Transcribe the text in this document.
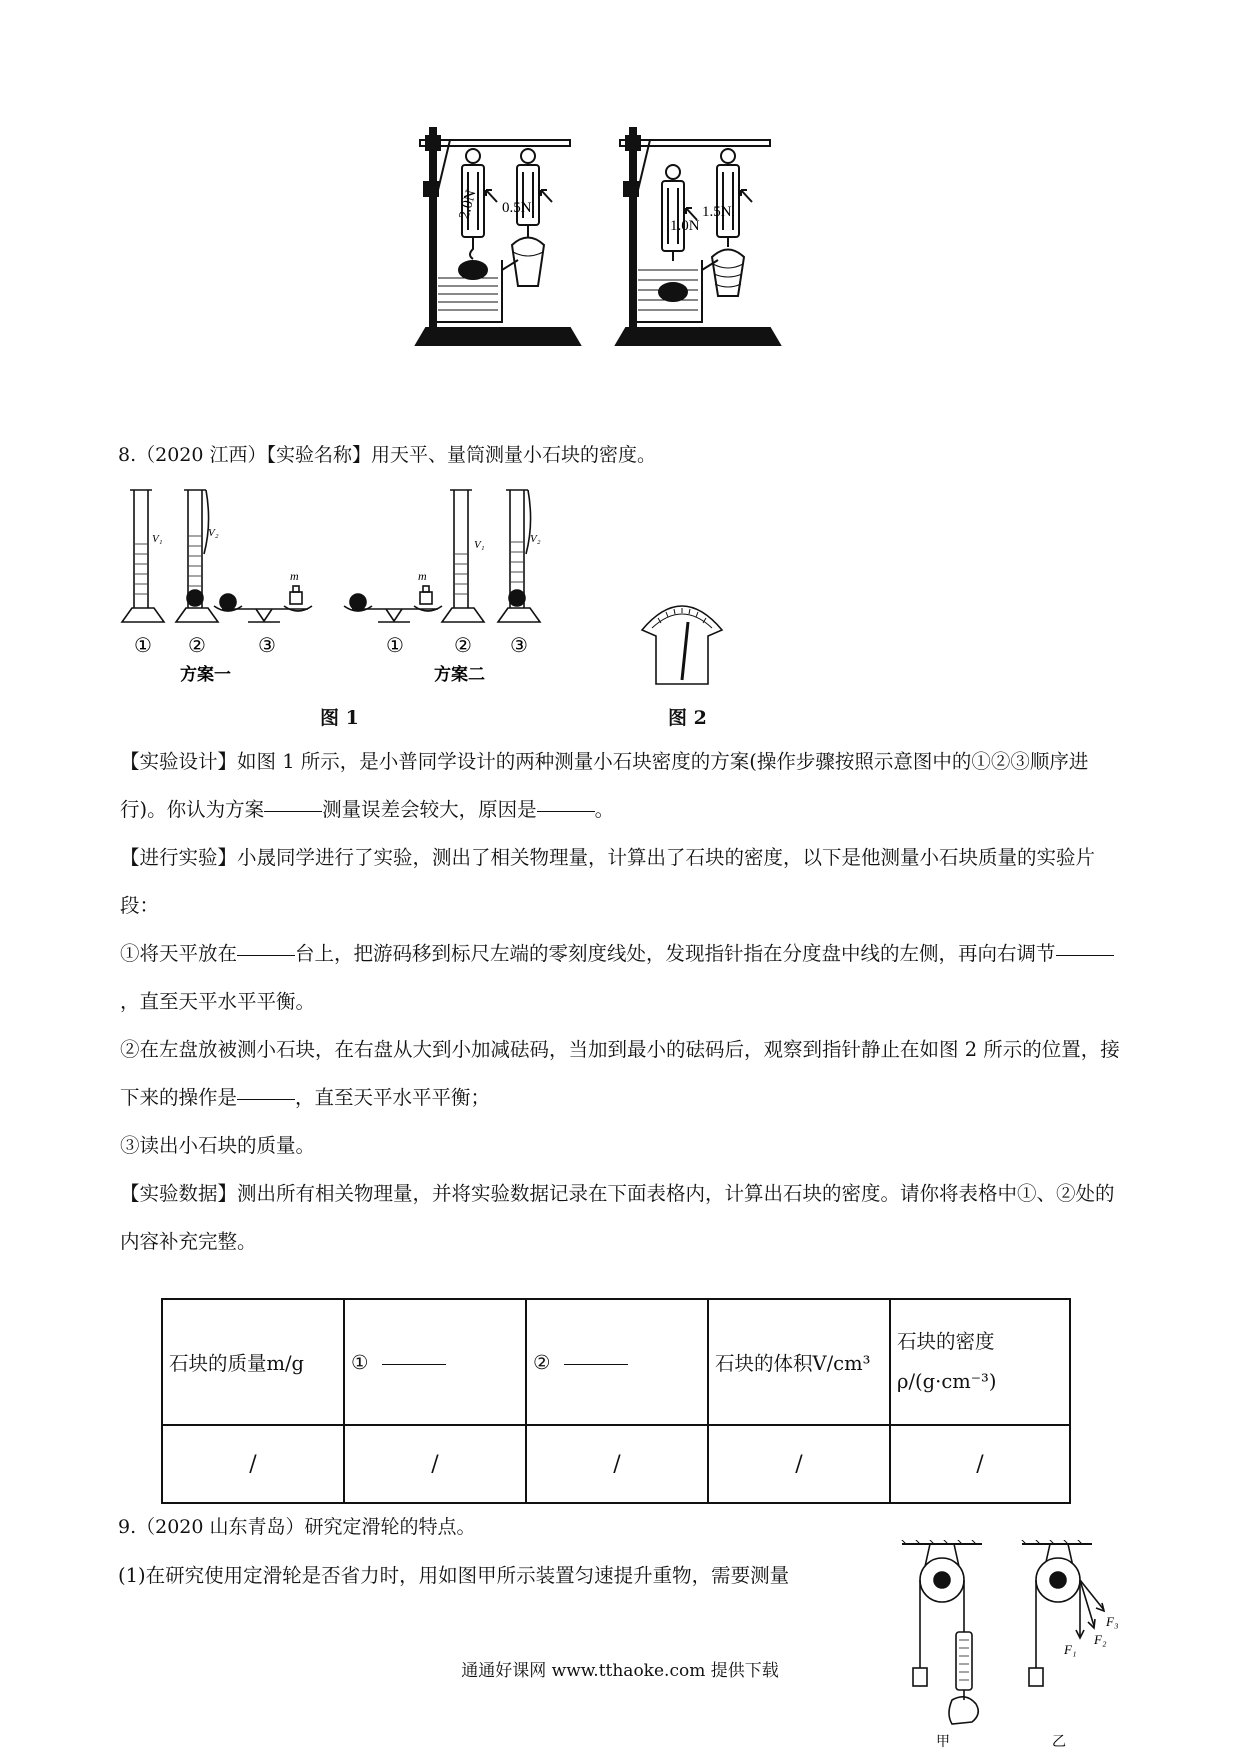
2.0N 0.5N
1.0N
1.5N
8.（2020 江西）【实验名称】用天平、量筒测量小石块的密度。
V₁	V₂
m	m
V₁	V₂
① ②	③
方案一
①	② ③
方案二
图 1	图 2

【实验设计】如图 1 所示，是小普同学设计的两种测量小石块密度的方案(操作步骤按照示意图中的①②③顺序进行)。你认为方案	测量误差会较大，原因是	。

【进行实验】小晟同学进行了实验，测出了相关物理量，计算出了石块的密度，以下是他测量小石块质量的实验片段：

①将天平放在	台上，把游码移到标尺左端的零刻度线处，发现指针指在分度盘中线的左侧，再向右调节，直至天平水平平衡。

②在左盘放被测小石块，在右盘从大到小加减砝码，当加到最小的砝码后，观察到指针静止在如图 2 所示的位置，接下来的操作是	，直至天平水平平衡；

③读出小石块的质量。

【实验数据】测出所有相关物理量，并将实验数据记录在下面表格内，计算出石块的密度。请你将表格中①、②处的内容补充完整。

石块的质量m/g	①	②	石块的体积V/cm³	石块的密度ρ/(g·cm⁻³)
/	/	/	/	/
9.（2020 山东青岛）研究定滑轮的特点。
(1)在研究使用定滑轮是否省力时，用如图甲所示装置匀速提升重物，需要测量
F₁
F₂
F₃
甲	乙
通通好课网 www.tthaoke.com 提供下载
